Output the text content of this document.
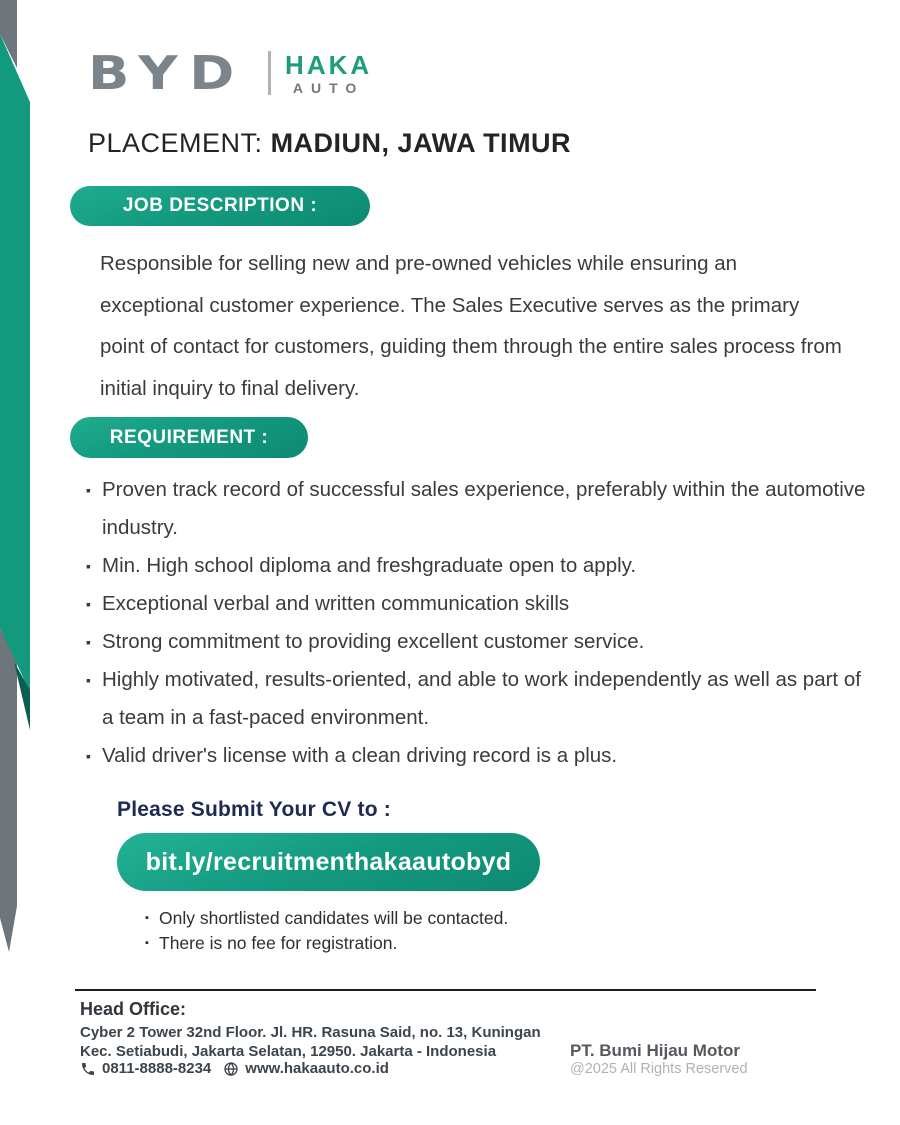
BYD HAKA
AUTO
PLACEMENT: MADIUN, JAWA TIMUR
JOB DESCRIPTION :

Responsible for selling new and pre-owned vehicles while ensuring an exceptional customer experience. The Sales Executive serves as the primary point of contact for customers, guiding them through the entire sales process from initial inquiry to final delivery.

REQUIREMENT :
▪ Proven track record of successful sales experience, preferably within the automotive industry.
▪ Min. High school diploma and freshgraduate open to apply.
▪ Exceptional verbal and written communication skills
▪ Strong commitment to providing excellent customer service.
▪ Highly motivated, results-oriented, and able to work independently as well as part of a team in a fast-paced environment.
▪ Valid driver's license with a clean driving record is a plus.
Please Submit Your CV to :
bit.ly/recruitmenthakaautobyd
▪ Only shortlisted candidates will be contacted.
▪ There is no fee for registration.
Head Office:
Cyber 2 Tower 32nd Floor. Jl. HR. Rasuna Said, no. 13, Kuningan
Kec. Setiabudi, Jakarta Selatan, 12950. Jakarta - Indonesia
0811-8888-8234 www.hakaauto.co.id
PT. Bumi Hijau Motor
@2025 All Rights Reserved
